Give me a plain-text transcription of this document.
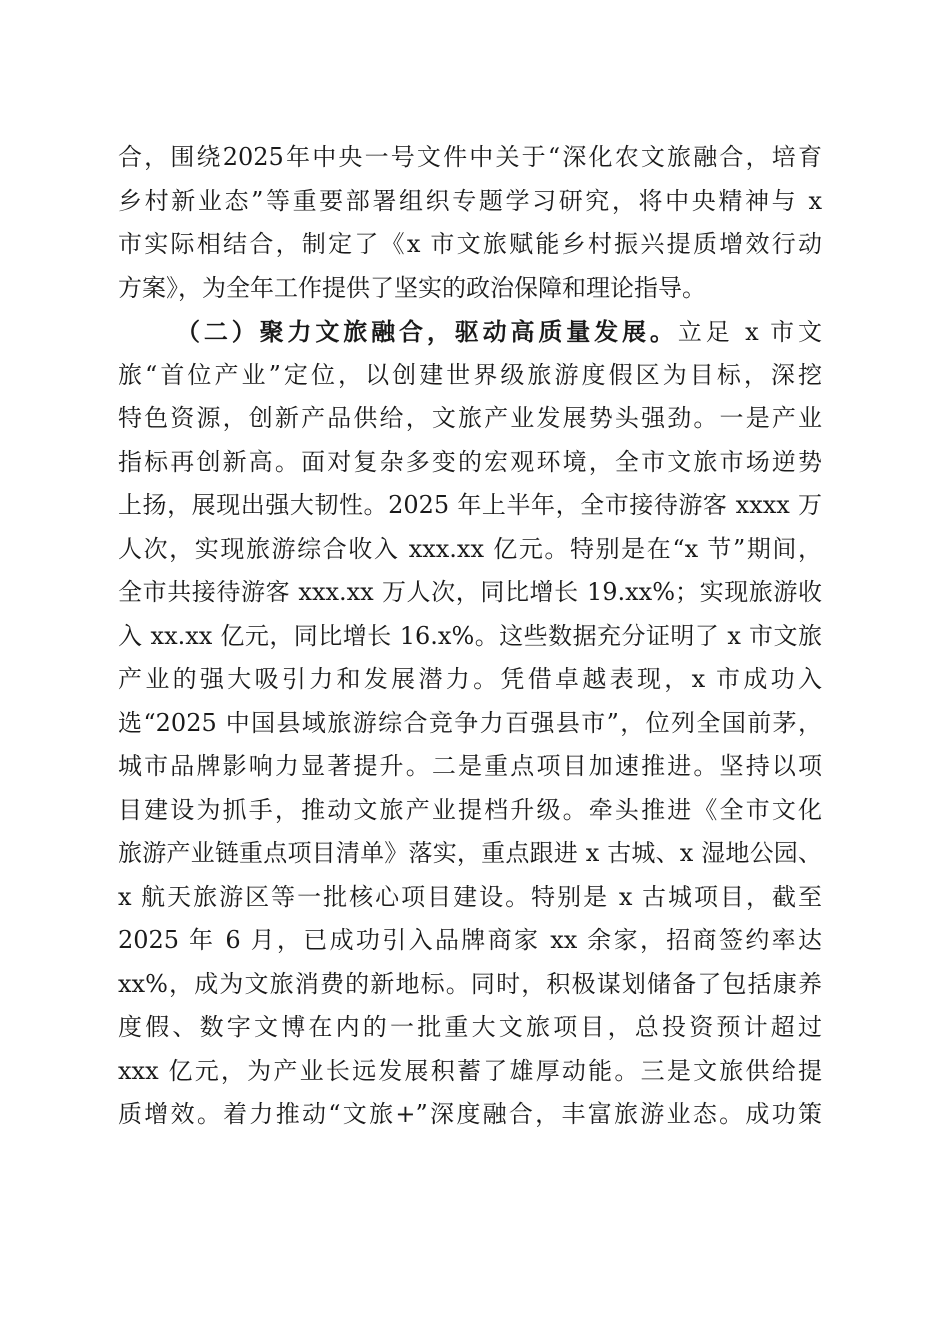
合，围绕2025年中央一号文件中关于“深化农文旅融合，培育
乡村新业态”等重要部署组织专题学习研究，将中央精神与 x
市实际相结合，制定了《x 市文旅赋能乡村振兴提质增效行动
方案》，为全年工作提供了坚实的政治保障和理论指导。
（二）聚力文旅融合，驱动高质量发展。立足 x 市文
旅“首位产业”定位，以创建世界级旅游度假区为目标，深挖
特色资源，创新产品供给，文旅产业发展势头强劲。一是产业
指标再创新高。面对复杂多变的宏观环境，全市文旅市场逆势
上扬，展现出强大韧性。2025 年上半年，全市接待游客 xxxx 万
人次，实现旅游综合收入 xxx.xx 亿元。特别是在“x 节”期间，
全市共接待游客 xxx.xx 万人次，同比增长 19.xx%；实现旅游收
入 xx.xx 亿元，同比增长 16.x%。这些数据充分证明了 x 市文旅
产业的强大吸引力和发展潜力。凭借卓越表现，x 市成功入
选“2025 中国县域旅游综合竞争力百强县市”，位列全国前茅，
城市品牌影响力显著提升。二是重点项目加速推进。坚持以项
目建设为抓手，推动文旅产业提档升级。牵头推进《全市文化
旅游产业链重点项目清单》落实，重点跟进 x 古城、x 湿地公园、
x 航天旅游区等一批核心项目建设。特别是 x 古城项目，截至
2025 年 6 月，已成功引入品牌商家 xx 余家，招商签约率达
xx%，成为文旅消费的新地标。同时，积极谋划储备了包括康养
度假、数字文博在内的一批重大文旅项目，总投资预计超过
xxx 亿元，为产业长远发展积蓄了雄厚动能。三是文旅供给提
质增效。着力推动“文旅+”深度融合，丰富旅游业态。成功策
